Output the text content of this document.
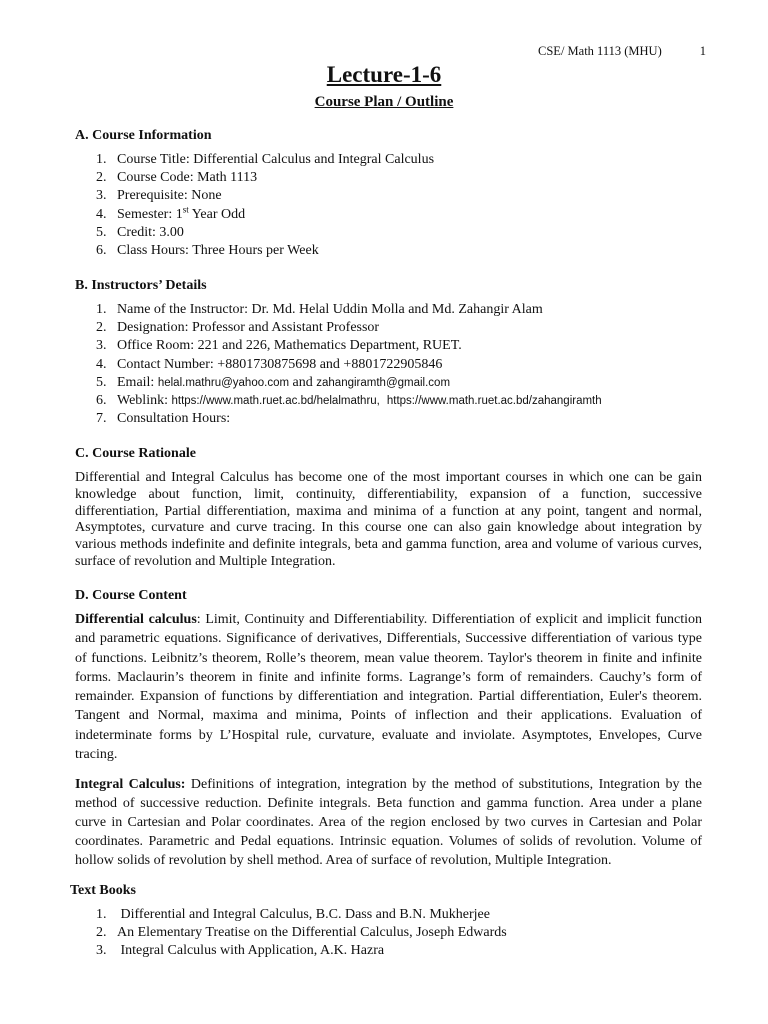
CSE/ Math 1113 (MHU)	1
Lecture-1-6
Course Plan / Outline
A. Course Information
1. Course Title: Differential Calculus and Integral Calculus
2. Course Code: Math 1113
3. Prerequisite: None
4. Semester: 1st Year Odd
5. Credit: 3.00
6. Class Hours: Three Hours per Week
B. Instructors’ Details
1. Name of the Instructor: Dr. Md. Helal Uddin Molla and Md. Zahangir Alam
2. Designation: Professor and Assistant Professor
3. Office Room: 221 and 226, Mathematics Department, RUET.
4. Contact Number: +8801730875698 and +8801722905846
5. Email: helal.mathru@yahoo.com and zahangiramth@gmail.com
6. Weblink: https://www.math.ruet.ac.bd/helalmathru, https://www.math.ruet.ac.bd/zahangiramth
7. Consultation Hours:
C. Course Rationale

Differential and Integral Calculus has become one of the most important courses in which one can be gain knowledge about function, limit, continuity, differentiability, expansion of a function, successive differentiation, Partial differentiation, maxima and minima of a function at any point, tangent and normal, Asymptotes, curvature and curve tracing. In this course one can also gain knowledge about integration by various methods indefinite and definite integrals, beta and gamma function, area and volume of various curves, surface of revolution and Multiple Integration.

D. Course Content

Differential calculus: Limit, Continuity and Differentiability. Differentiation of explicit and implicit function and parametric equations. Significance of derivatives, Differentials, Successive differentiation of various type of functions. Leibnitz’s theorem, Rolle’s theorem, mean value theorem. Taylor's theorem in finite and infinite forms. Maclaurin’s theorem in finite and infinite forms. Lagrange’s form of remainders. Cauchy’s form of remainder. Expansion of functions by differentiation and integration. Partial differentiation, Euler's theorem. Tangent and Normal, maxima and minima, Points of inflection and their applications. Evaluation of indeterminate forms by L’Hospital rule, curvature, evaluate and inviolate. Asymptotes, Envelopes, Curve tracing.

Integral Calculus: Definitions of integration, integration by the method of substitutions, Integration by the method of successive reduction. Definite integrals. Beta function and gamma function. Area under a plane curve in Cartesian and Polar coordinates. Area of the region enclosed by two curves in Cartesian and Polar coordinates. Parametric and Pedal equations. Intrinsic equation. Volumes of solids of revolution. Volume of hollow solids of revolution by shell method. Area of surface of revolution, Multiple Integration.

Text Books
1. Differential and Integral Calculus, B.C. Dass and B.N. Mukherjee
2. An Elementary Treatise on the Differential Calculus, Joseph Edwards
3. Integral Calculus with Application, A.K. Hazra
